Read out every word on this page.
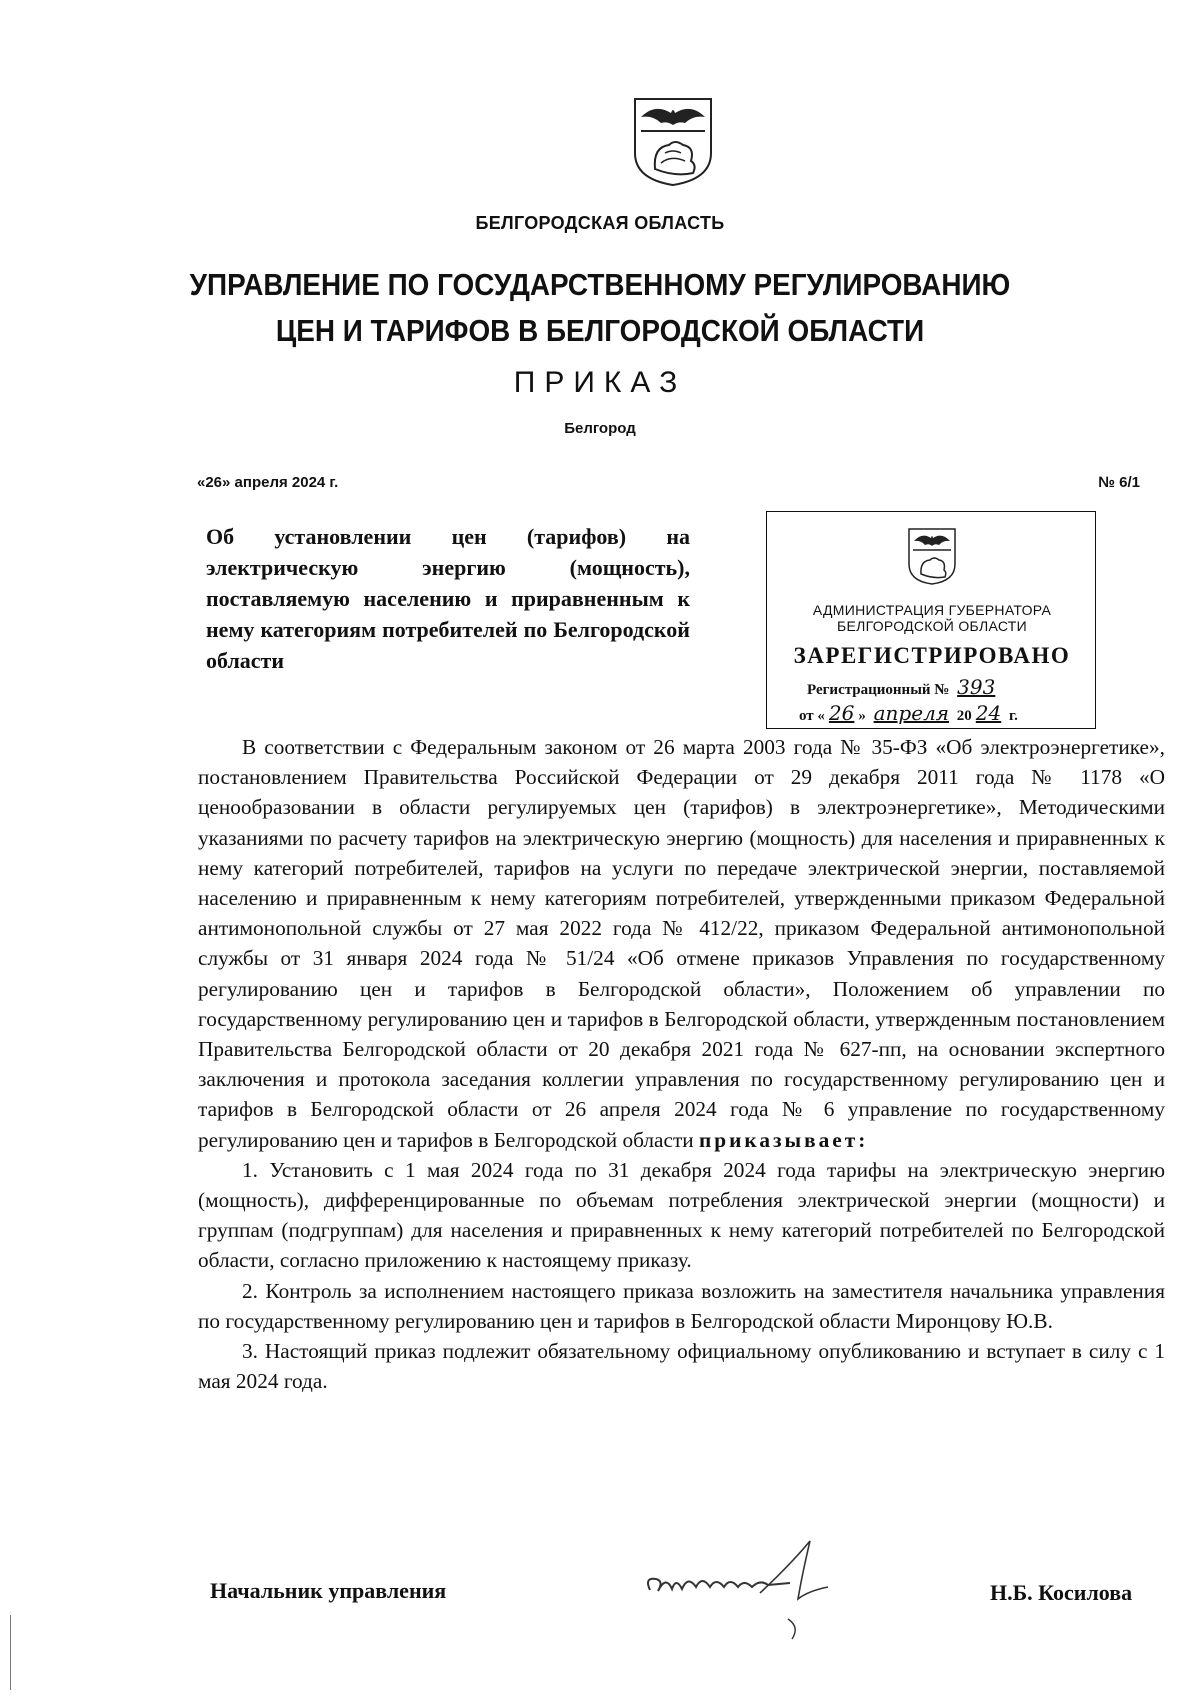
БЕЛГОРОДСКАЯ ОБЛАСТЬ
УПРАВЛЕНИЕ ПО ГОСУДАРСТВЕННОМУ РЕГУЛИРОВАНИЮ
ЦЕН И ТАРИФОВ В БЕЛГОРОДСКОЙ ОБЛАСТИ
ПРИКАЗ
Белгород
«26» апреля 2024 г.	№ 6/1
Об установлении цен (тарифов) на электрическую энергию (мощность), поставляемую населению и приравненным к нему категориям потребителей по Белгородской области
АДМИНИСТРАЦИЯ ГУБЕРНАТОРА
БЕЛГОРОДСКОЙ ОБЛАСТИ
ЗАРЕГИСТРИРОВАНО
Регистрационный № 393
от « 26 » апреля 20 24 г.

В соответствии с Федеральным законом от 26 марта 2003 года № 35-ФЗ «Об электроэнергетике», постановлением Правительства Российской Федерации от 29 декабря 2011 года № 1178 «О ценообразовании в области регулируемых цен (тарифов) в электроэнергетике», Методическими указаниями по расчету тарифов на электрическую энергию (мощность) для населения и приравненных к нему категорий потребителей, тарифов на услуги по передаче электрической энергии, поставляемой населению и приравненным к нему категориям потребителей, утвержденными приказом Федеральной антимонопольной службы от 27 мая 2022 года № 412/22, приказом Федеральной антимонопольной службы от 31 января 2024 года № 51/24 «Об отмене приказов Управления по государственному регулированию цен и тарифов в Белгородской области», Положением об управлении по государственному регулированию цен и тарифов в Белгородской области, утвержденным постановлением Правительства Белгородской области от 20 декабря 2021 года № 627-пп, на основании экспертного заключения и протокола заседания коллегии управления по государственному регулированию цен и тарифов в Белгородской области от 26 апреля 2024 года № 6 управление по государственному регулированию цен и тарифов в Белгородской области приказывает:

1. Установить с 1 мая 2024 года по 31 декабря 2024 года тарифы на электрическую энергию (мощность), дифференцированные по объемам потребления электрической энергии (мощности) и группам (подгруппам) для населения и приравненных к нему категорий потребителей по Белгородской области, согласно приложению к настоящему приказу.

2. Контроль за исполнением настоящего приказа возложить на заместителя начальника управления по государственному регулированию цен и тарифов в Белгородской области Миронцову Ю.В.

3. Настоящий приказ подлежит обязательному официальному опубликованию и вступает в силу с 1 мая 2024 года.

Начальник управления	Н.Б. Косилова
